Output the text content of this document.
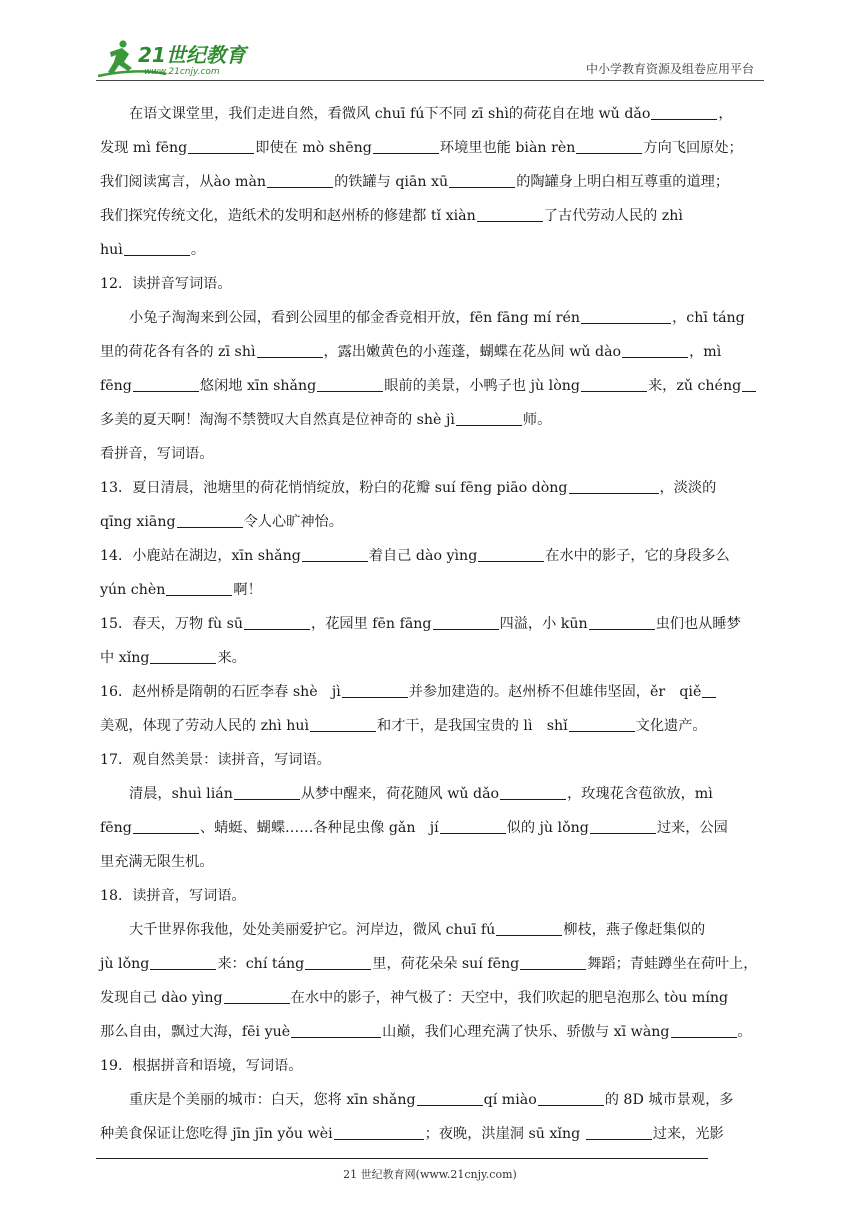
21世纪教育
www.21cnjy.com	中小学教育资源及组卷应用平台
在语文课堂里，我们走进自然，看微风 chuī fú下不同 zī shì的荷花自在地 wǔ dǎo	，
发现 mì fēng	即使在 mò shēng	环境里也能 biàn rèn	方向飞回原处；
我们阅读寓言，从ào màn	的铁罐与 qiān xū	的陶罐身上明白相互尊重的道理；
我们探究传统文化，造纸术的发明和赵州桥的修建都 tǐ xiàn	了古代劳动人民的 zhì
huì	。
12．读拼音写词语。
小兔子淘淘来到公园，看到公园里的郁金香竞相开放，fēn fāng mí rén	，chī táng
里的荷花各有各的 zī shì	，露出嫩黄色的小莲蓬，蝴蝶在花丛间 wǔ dào	，mì
fēng	悠闲地 xīn shǎng	眼前的美景，小鸭子也 jù lòng	来，zǔ chéng
多美的夏天啊！淘淘不禁赞叹大自然真是位神奇的 shè jì	师。
看拼音，写词语。
13．夏日清晨，池塘里的荷花悄悄绽放，粉白的花瓣 suí fēng piāo dòng	，淡淡的
qīng xiāng	令人心旷神怡。
14．小鹿站在湖边，xīn shǎng	着自己 dào yìng	在水中的影子，它的身段多么
yún chèn	啊！
15．春天，万物 fù sū	，花园里 fēn fāng	四溢，小 kūn	虫们也从睡梦
中 xǐng	来。
16．赵州桥是隋朝的石匠李春 shè　jì	并参加建造的。赵州桥不但雄伟坚固，ěr　qiě
美观，体现了劳动人民的 zhì huì	和才干，是我国宝贵的 lì　shǐ	文化遗产。
17．观自然美景：读拼音，写词语。
清晨，shuì lián	从梦中醒来，荷花随风 wǔ dǎo	，玫瑰花含苞欲放，mì
fēng	、蜻蜓、蝴蝶……各种昆虫像 gǎn　jí	似的 jù lǒng	过来，公园
里充满无限生机。
18．读拼音，写词语。
大千世界你我他，处处美丽爱护它。河岸边，微风 chuī fú	柳枝，燕子像赶集似的
jù lǒng	来：chí táng	里，荷花朵朵 suí fēng	舞蹈；青蛙蹲坐在荷叶上，
发现自己 dào yìng	在水中的影子，神气极了：天空中，我们吹起的肥皂泡那么 tòu míng
那么自由，飘过大海，fēi yuè	山巅，我们心理充满了快乐、骄傲与 xī wàng	。
19．根据拼音和语境，写词语。
重庆是个美丽的城市：白天，您将 xīn shǎng	qí miào	的 8D 城市景观，多
种美食保证让您吃得 jīn jīn yǒu wèi	；夜晚，洪崖洞 sū xǐng	过来，光影
21 世纪教育网(www.21cnjy.com)
